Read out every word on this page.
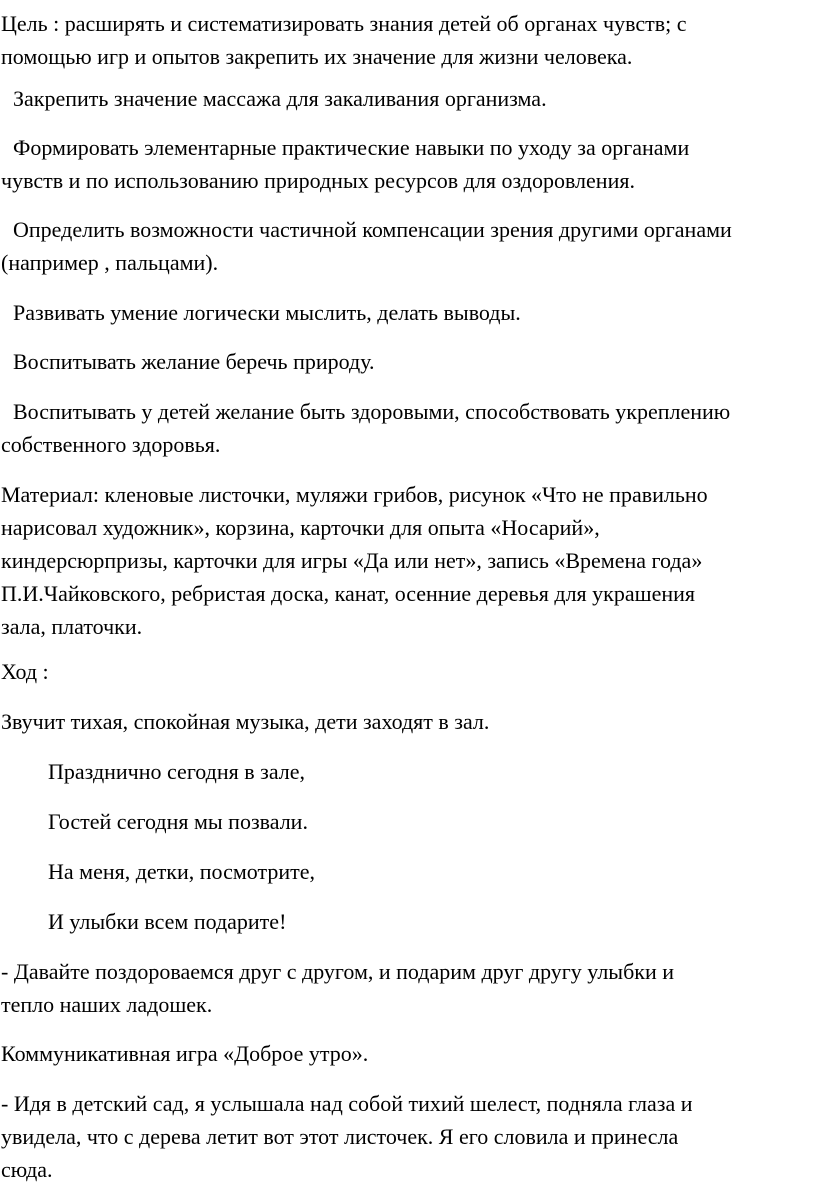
Цель : расширять и систематизировать знания детей об органах чувств; с
помощью игр и опытов закрепить их значение для жизни человека.

Закрепить значение массажа для закаливания организма.

Формировать элементарные практические навыки по уходу за органами

чувств и по использованию природных ресурсов для оздоровления.

Определить возможности частичной компенсации зрения другими органами

(например , пальцами).

Развивать умение логически мыслить, делать выводы.

Воспитывать желание беречь природу.

Воспитывать у детей желание быть здоровыми, способствовать укреплению

собственного здоровья.

Материал: кленовые листочки, муляжи грибов, рисунок «Что не правильно
нарисовал художник», корзина, карточки для опыта «Носарий»,
киндерсюрпризы, карточки для игры «Да или нет», запись «Времена года»
П.И.Чайковского, ребристая доска, канат, осенние деревья для украшения
зала, платочки.

Ход :

Звучит тихая, спокойная музыка, дети заходят в зал.

Празднично сегодня в зале,

Гостей сегодня мы позвали.

На меня, детки, посмотрите,

И улыбки всем подарите!

- Давайте поздороваемся друг с другом, и подарим друг другу улыбки и
тепло наших ладошек.

Коммуникативная игра «Доброе утро».

- Идя в детский сад, я услышала над собой тихий шелест, подняла глаза и
увидела, что с дерева летит вот этот листочек. Я его словила и принесла
сюда.
